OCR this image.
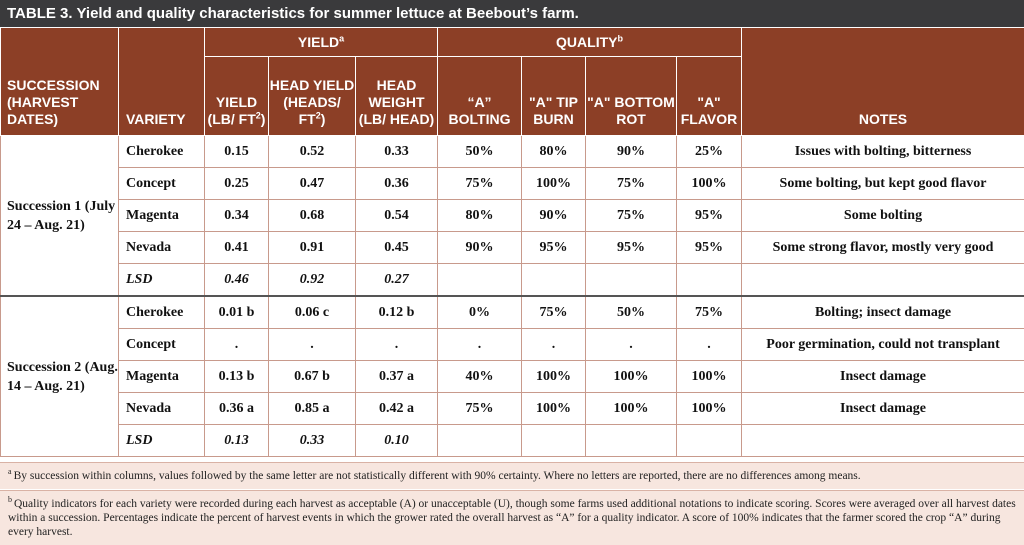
TABLE 3. Yield and quality characteristics for summer lettuce at Beebout’s farm.
SUCCESSION (HARVEST DATES)	VARIETY	YIELD$^a$			QUALITY$^b$				NOTES
		YIELD (LB/ $FT^2$)	HEAD YIELD (HEADS/ $FT^2$)	HEAD WEIGHT (LB/ HEAD)	“A” BOLTING	"A" TIP BURN	"A" BOTTOM ROT	"A" FLAVOR	
Succession 1 (July 24 – Aug. 21)	Cherokee	0.15	0.52	0.33	50%	80%	90%	25%	Issues with bolting, bitterness
	Concept	0.25	0.47	0.36	75%	100%	75%	100%	Some bolting, but kept good flavor
	Magenta	0.34	0.68	0.54	80%	90%	75%	95%	Some bolting
	Nevada	0.41	0.91	0.45	90%	95%	95%	95%	Some strong flavor, mostly very good
	LSD	0.46	0.92	0.27					
Succession 2 (Aug. 14 – Aug. 21)	Cherokee	0.01 b	0.06 c	0.12 b	0%	75%	50%	75%	Bolting; insect damage
	Concept	.	.	.	.	.	.	.	Poor germination, could not transplant
	Magenta	0.13 b	0.67 b	0.37 a	40%	100%	100%	100%	Insect damage
	Nevada	0.36 a	0.85 a	0.42 a	75%	100%	100%	100%	Insect damage
	LSD	0.13	0.33	0.10					
$^a$ By succession within columns, values followed by the same letter are not statistically different with 90% certainty. Where no letters are reported, there are no differences among means.
$^b$ Quality indicators for each variety were recorded during each harvest as acceptable (A) or unacceptable (U), though some farms used additional notations to indicate scoring. Scores were averaged over all harvest dates within a succession. Percentages indicate the percent of harvest events in which the grower rated the overall harvest as “A” for a quality indicator. A score of 100% indicates that the farmer scored the crop “A” during every harvest.
